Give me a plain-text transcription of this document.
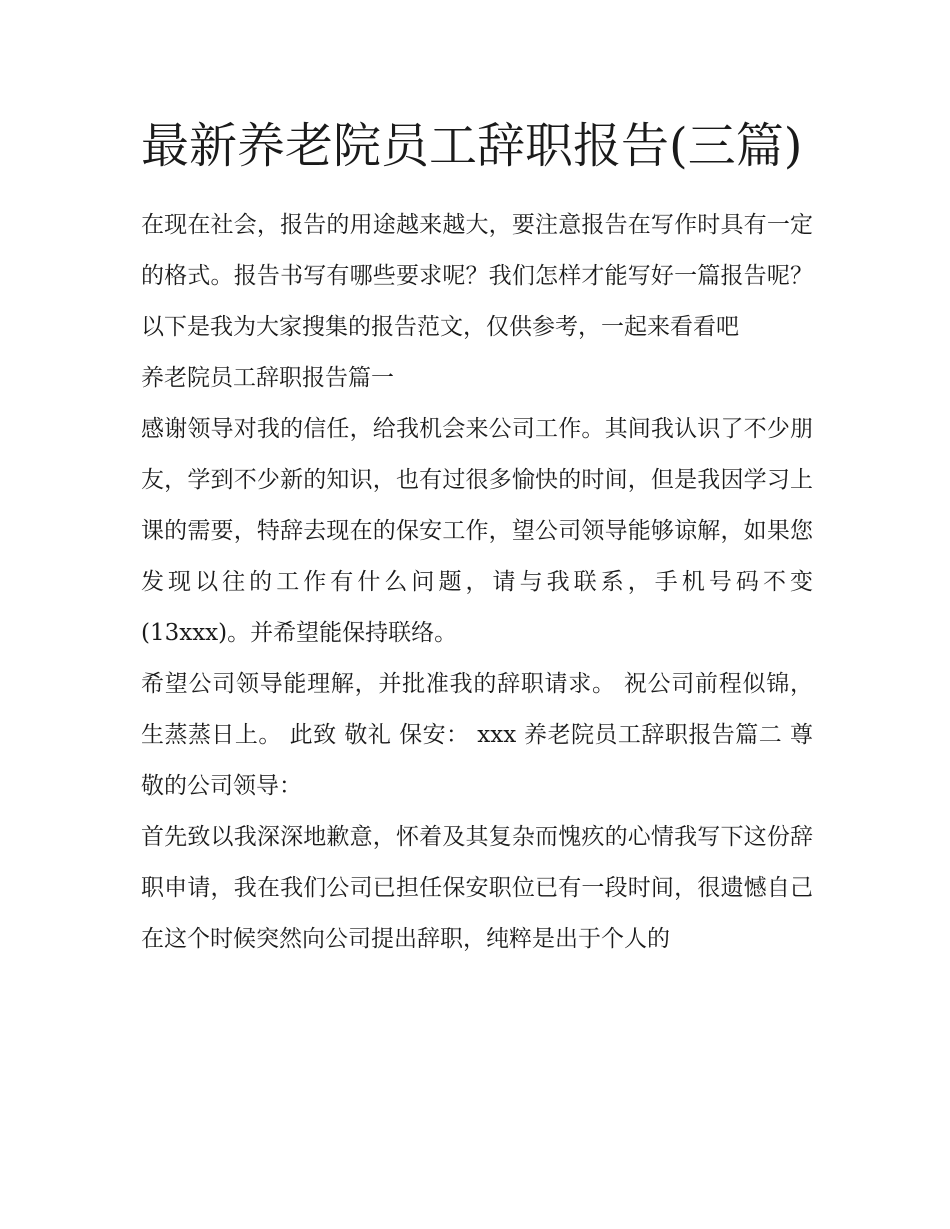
最新养老院员工辞职报告(三篇)

在现在社会，报告的用途越来越大，要注意报告在写作时具有一定的格式。报告书写有哪些要求呢？我们怎样才能写好一篇报告呢？以下是我为大家搜集的报告范文，仅供参考，一起来看看吧

养老院员工辞职报告篇一

感谢领导对我的信任，给我机会来公司工作。其间我认识了不少朋友，学到不少新的知识，也有过很多愉快的时间，但是我因学习上课的需要，特辞去现在的保安工作，望公司领导能够谅解，如果您发现以往的工作有什么问题，请与我联系，手机号码不变(13xxx)。并希望能保持联络。

希望公司领导能理解，并批准我的辞职请求。 祝公司前程似锦，生蒸蒸日上。 此致 敬礼 保安： xxx 养老院员工辞职报告篇二 尊敬的公司领导：

首先致以我深深地歉意，怀着及其复杂而愧疚的心情我写下这份辞职申请，我在我们公司已担任保安职位已有一段时间，很遗憾自己在这个时候突然向公司提出辞职，纯粹是出于个人的
